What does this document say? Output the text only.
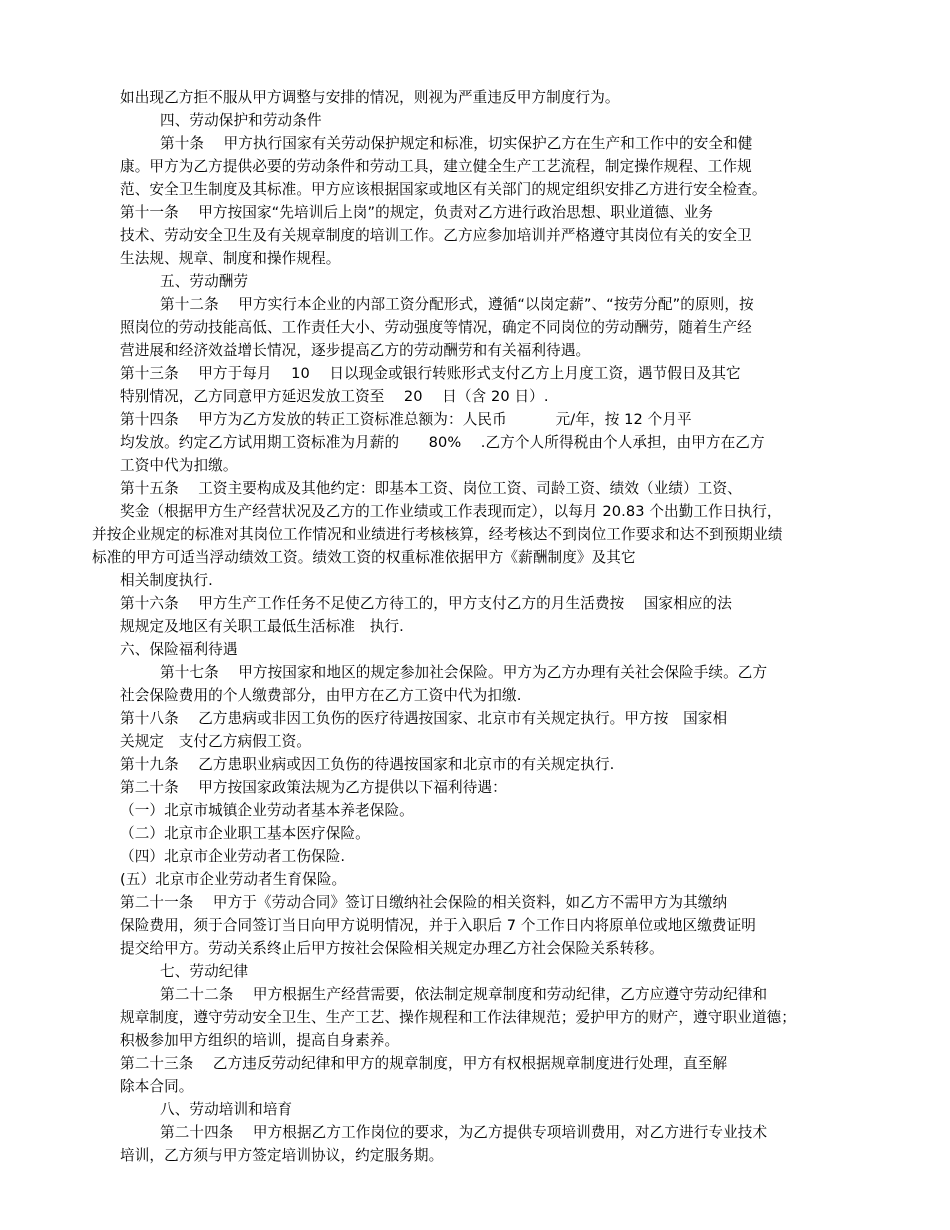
如出现乙方拒不服从甲方调整与安排的情况，则视为严重违反甲方制度行为。
四、劳动保护和劳动条件
第十条　 甲方执行国家有关劳动保护规定和标准，切实保护乙方在生产和工作中的安全和健
康。甲方为乙方提供必要的劳动条件和劳动工具，建立健全生产工艺流程，制定操作规程、工作规
范、安全卫生制度及其标准。甲方应该根据国家或地区有关部门的规定组织安排乙方进行安全检查。
第十一条　 甲方按国家“先培训后上岗”的规定，负责对乙方进行政治思想、职业道德、业务
技术、劳动安全卫生及有关规章制度的培训工作。乙方应参加培训并严格遵守其岗位有关的安全卫
生法规、规章、制度和操作规程。
五、劳动酬劳
第十二条　 甲方实行本企业的内部工资分配形式，遵循“以岗定薪”、“按劳分配”的原则，按
照岗位的劳动技能高低、工作责任大小、劳动强度等情况，确定不同岗位的劳动酬劳，随着生产经
营进展和经济效益增长情况，逐步提高乙方的劳动酬劳和有关福利待遇。
第十三条　 甲方于每月　 10　 日以现金或银行转账形式支付乙方上月度工资，遇节假日及其它
特别情况，乙方同意甲方延迟发放工资至　 20　 日（含 20 日）.
第十四条　 甲方为乙方发放的转正工资标准总额为：人民币　　　 元/年，按 12 个月平
均发放。约定乙方试用期工资标准为月薪的　　80%　 .乙方个人所得税由个人承担，由甲方在乙方
工资中代为扣缴。
第十五条　 工资主要构成及其他约定：即基本工资、岗位工资、司龄工资、绩效（业绩）工资、
奖金（根据甲方生产经营状况及乙方的工作业绩或工作表现而定），以每月 20.83 个出勤工作日执行，
并按企业规定的标准对其岗位工作情况和业绩进行考核核算，经考核达不到岗位工作要求和达不到预期业绩
标准的甲方可适当浮动绩效工资。绩效工资的权重标准依据甲方《薪酬制度》及其它
相关制度执行.
第十六条　 甲方生产工作任务不足使乙方待工的，甲方支付乙方的月生活费按　 国家相应的法
规规定及地区有关职工最低生活标准　执行.
六、保险福利待遇
第十七条　 甲方按国家和地区的规定参加社会保险。甲方为乙方办理有关社会保险手续。乙方
社会保险费用的个人缴费部分，由甲方在乙方工资中代为扣缴.
第十八条　 乙方患病或非因工负伤的医疗待遇按国家、北京市有关规定执行。甲方按　国家相
关规定　支付乙方病假工资。
第十九条　 乙方患职业病或因工负伤的待遇按国家和北京市的有关规定执行.
第二十条　 甲方按国家政策法规为乙方提供以下福利待遇：
（一）北京市城镇企业劳动者基本养老保险。
（二）北京市企业职工基本医疗保险。
（四）北京市企业劳动者工伤保险.
(五）北京市企业劳动者生育保险。
第二十一条　 甲方于《劳动合同》签订日缴纳社会保险的相关资料，如乙方不需甲方为其缴纳
保险费用，须于合同签订当日向甲方说明情况，并于入职后 7 个工作日内将原单位或地区缴费证明
提交给甲方。劳动关系终止后甲方按社会保险相关规定办理乙方社会保险关系转移。
七、劳动纪律
第二十二条　 甲方根据生产经营需要，依法制定规章制度和劳动纪律，乙方应遵守劳动纪律和
规章制度，遵守劳动安全卫生、生产工艺、操作规程和工作法律规范；爱护甲方的财产，遵守职业道德；
积极参加甲方组织的培训，提高自身素养。
第二十三条　 乙方违反劳动纪律和甲方的规章制度，甲方有权根据规章制度进行处理，直至解
除本合同。
八、劳动培训和培育
第二十四条　 甲方根据乙方工作岗位的要求，为乙方提供专项培训费用，对乙方进行专业技术
培训，乙方须与甲方签定培训协议，约定服务期。
